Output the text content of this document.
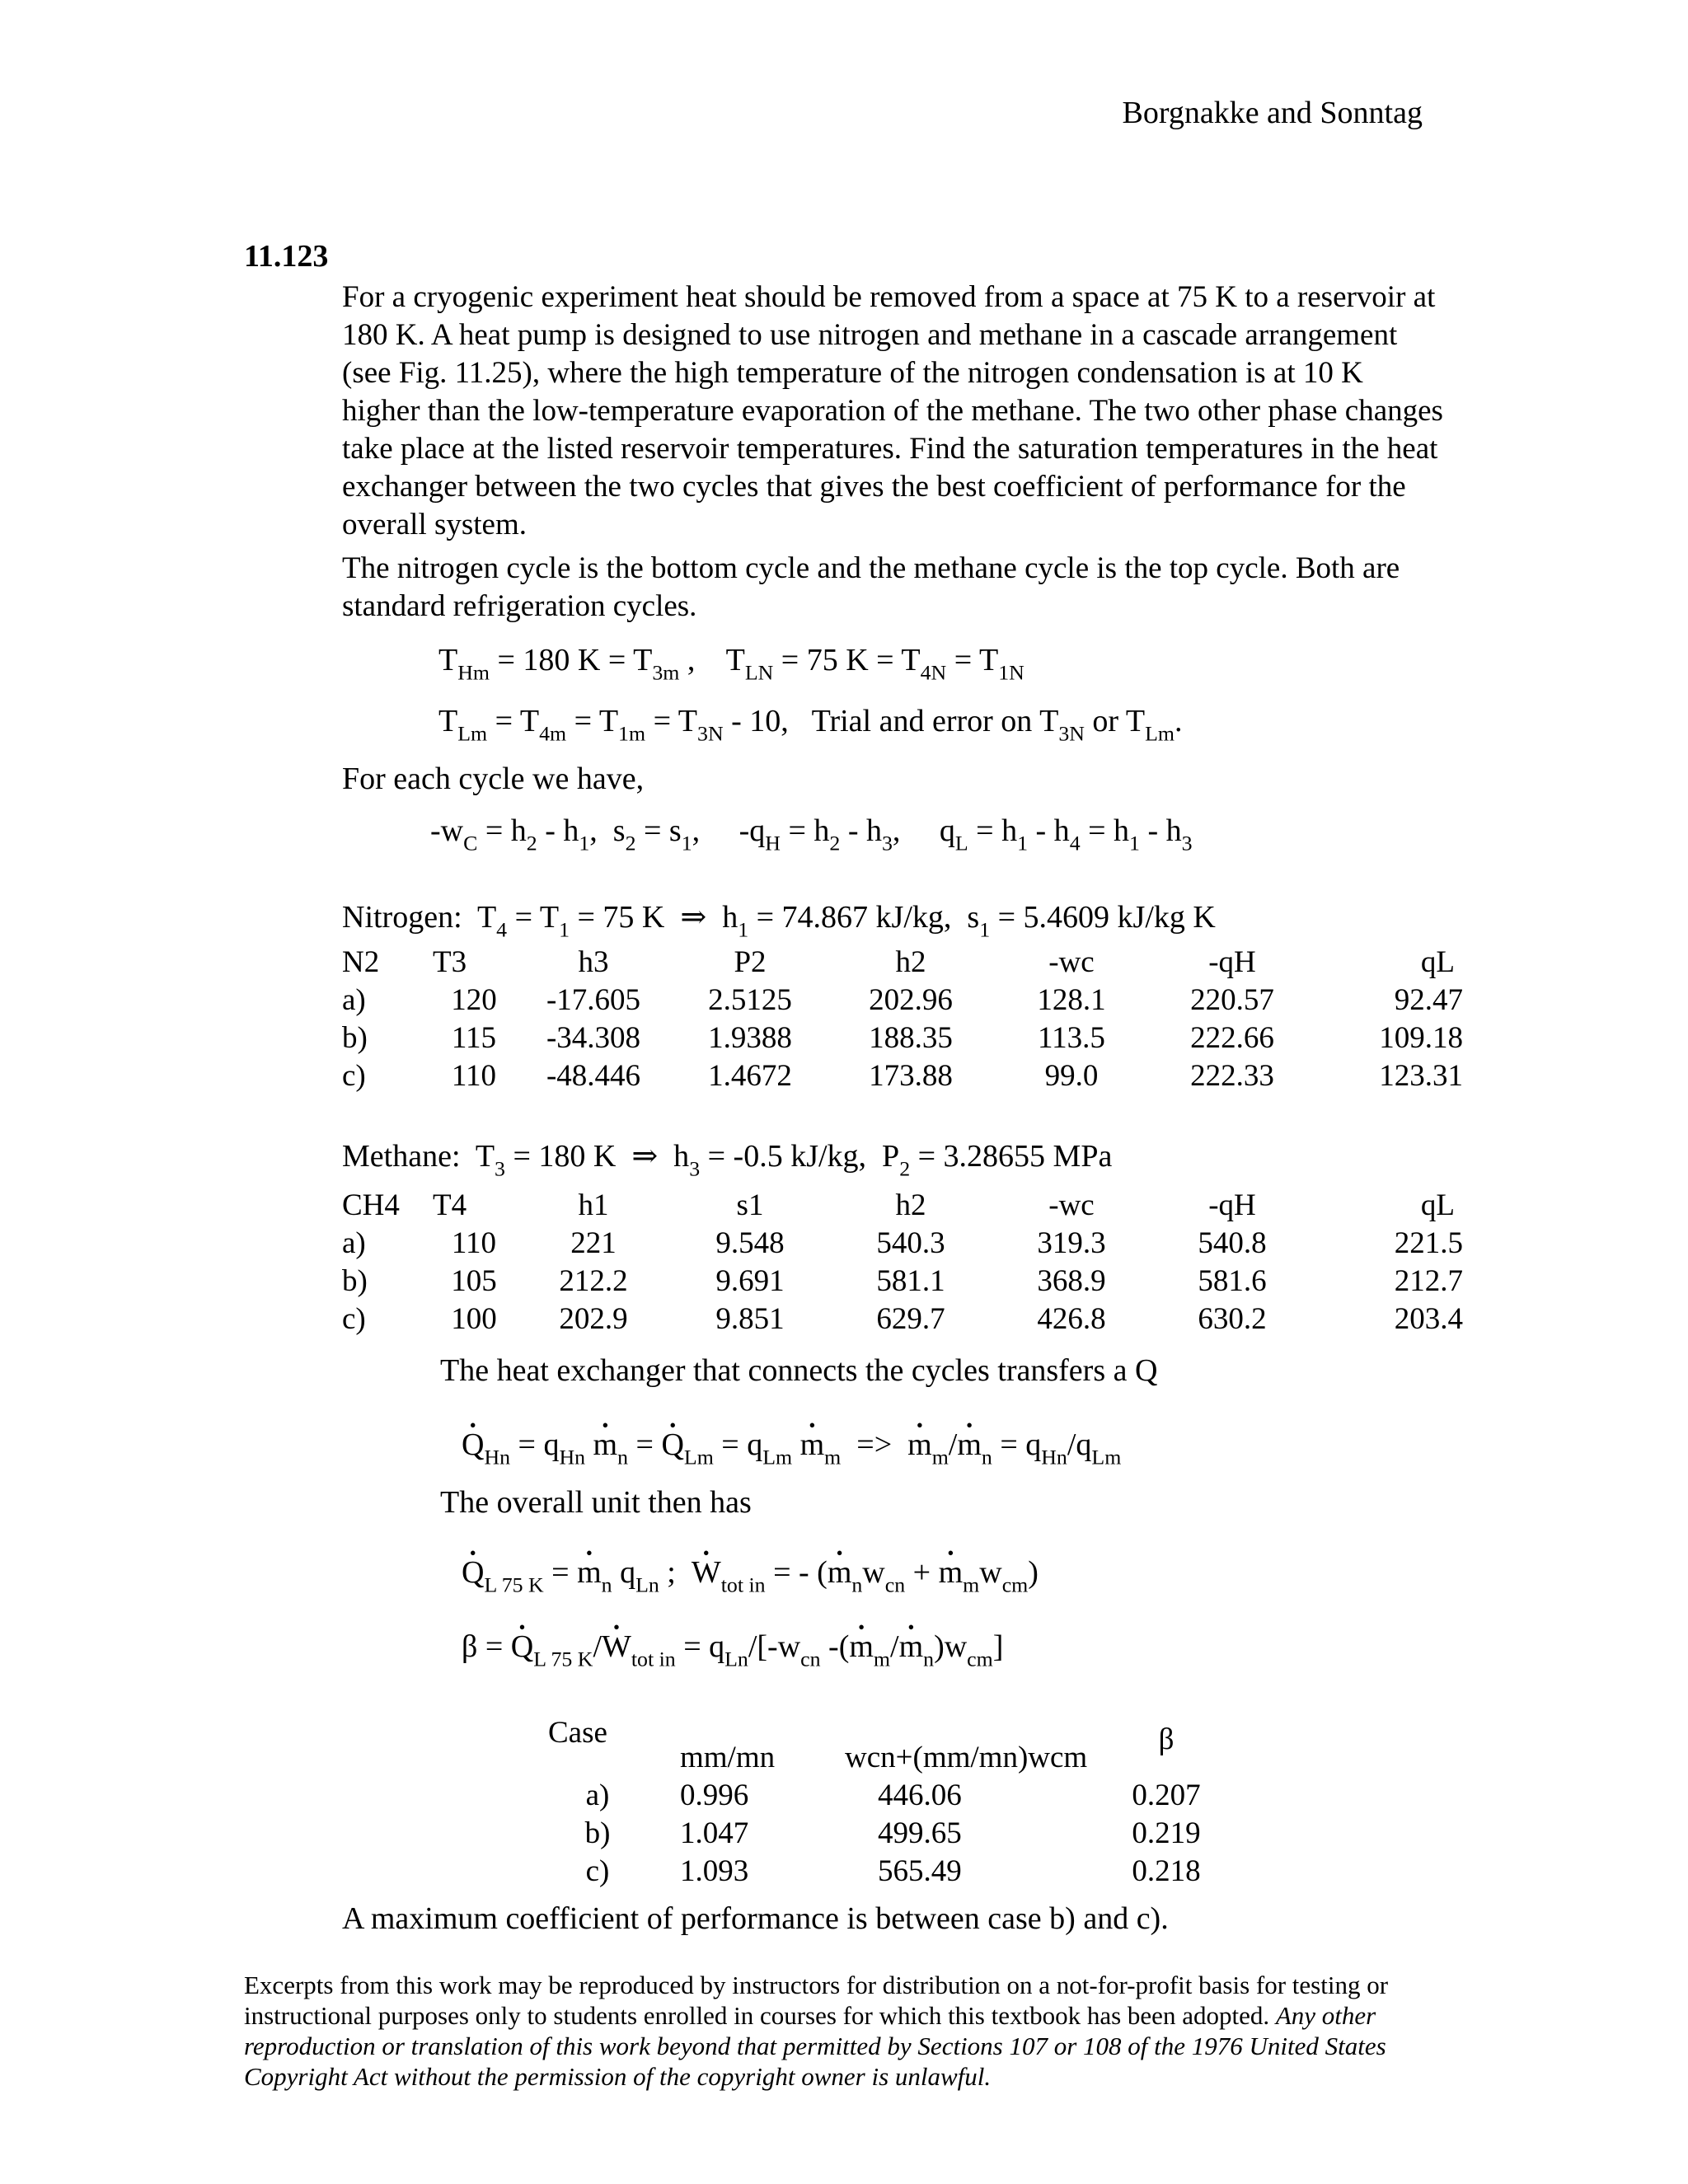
Borgnakke and Sonntag
11.123
For a cryogenic experiment heat should be removed from a space at 75 K to a reservoir at 180 K. A heat pump is designed to use nitrogen and methane in a cascade arrangement (see Fig. 11.25), where the high temperature of the nitrogen condensation is at 10 K higher than the low-temperature evaporation of the methane. The two other phase changes take place at the listed reservoir temperatures. Find the saturation temperatures in the heat exchanger between the two cycles that gives the best coefficient of performance for the overall system.
The nitrogen cycle is the bottom cycle and the methane cycle is the top cycle. Both are standard refrigeration cycles.
$T_{Hm} = 180$ $K = T_{3m}$ ,    $T_{LN} = 75$ $K = T_{4N} = T_{1N}$
$T_{Lm} = T_{4m} = T_{1m} = T_{3N} - 10$,   Trial and error on $T_{3N}$ or $T_{Lm}$.
For each cycle we have,
$-w_C = h_2 - h_1$,  $s_2 = s_1$,     $-q_H = h_2 - h_3$,     $q_L = h_1 - h_4 = h_1 - h_3$
Nitrogen:  $T_4 = T_1 = 75$ K  ⇒  $h_1 = 74.867$ kJ/kg,  $s_1 = 5.4609$ kJ/kg K
N2	T3	h3	P2	h2	-wc	-qH	qL
a)	120	-17.605	2.5125	202.96	128.1	220.57	92.47
b)	115	-34.308	1.9388	188.35	113.5	222.66	109.18
c)	110	-48.446	1.4672	173.88	99.0	222.33	123.31
Methane:  $T_3 = 180$ K  ⇒  $h_3 = -0.5$ kJ/kg,  $P_2 = 3.28655$ MPa
CH4	T4	h1	s1	h2	-wc	-qH	qL
a)	110	221	9.548	540.3	319.3	540.8	221.5
b)	105	212.2	9.691	581.1	368.9	581.6	212.7
c)	100	202.9	9.851	629.7	426.8	630.2	203.4
The heat exchanger that connects the cycles transfers a Q
• $Q_{Hn} = q_{Hn}$ • $m_n$ = • $Q_{Lm} = q_{Lm}$ • $m_m$  =>  • $m_m/•$ $m_n = q_{Hn}/q_{Lm}$
The overall unit then has
• $Q_{L 75 K}$ = • $m_n$ $q_{Ln}$ ;  • $W_{tot in}$ = - (• $m_nw_{cn}$ + • $m_mw_{cm}$)
β = • $Q_{L 75 K}/•$ $W_{tot in} = q_{Ln}/[-w_{cn}$ -(• $m_m/•$ $m_n)w_{cm}$]
Case	mm/mn	wcn+(mm/mn)wcm	β
a)	0.996	446.06	0.207
b)	1.047	499.65	0.219
c)	1.093	565.49	0.218
A maximum coefficient of performance is between case b) and c).
Excerpts from this work may be reproduced by instructors for distribution on a not-for-profit basis for testing or instructional purposes only to students enrolled in courses for which this textbook has been adopted. Any other reproduction or translation of this work beyond that permitted by Sections 107 or 108 of the 1976 United States Copyright Act without the permission of the copyright owner is unlawful.
